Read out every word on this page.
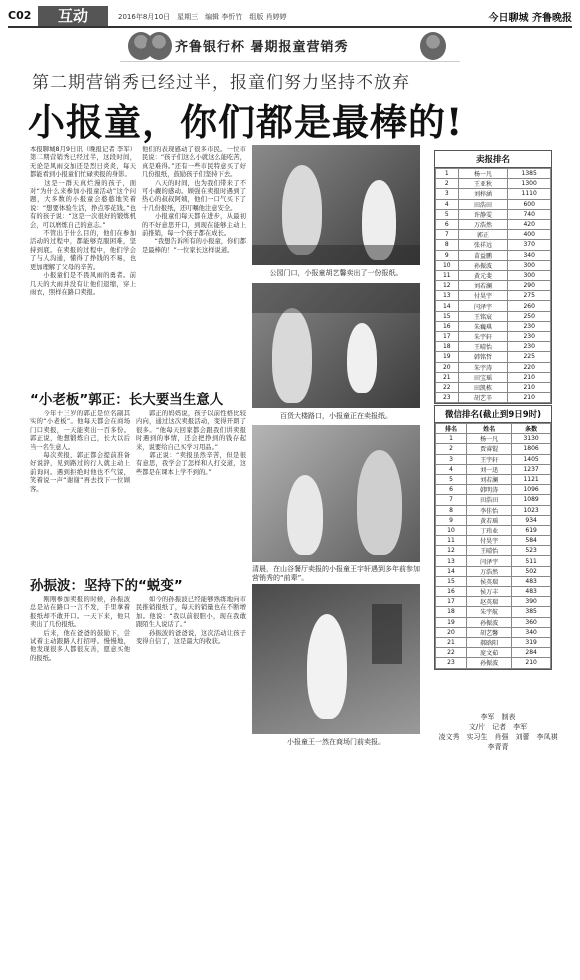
C02	互动	2016年8月10日　星期三　编辑 李忻竹　组版 肖婷婷	今日聊城 齐鲁晚报
齐鲁银行杯 暑期报童营销秀
第二期营销秀已经过半，报童们努力坚持不放弃
小报童，你们都是最棒的!
本报聊城8月9日讯（晚报记者 李军）第二期营销秀已经过半，这段时间，无论是风雨交加还是烈日炎炎，每天都能看到小报童们忙碌卖报的身影。
　　这是一群天真烂漫的孩子，面对“为什么来参加小报童活动”这个问题，大多数的小报童会憨憨地笑着说：“想要体验生活，挣点零花钱。”也有的孩子说：“这是一次很好的锻炼机会，可以磨炼自己的意志。”
　　不管出于什么目的，他们在参加活动的过程中，都能够克服困难，坚持到底。在卖报的过程中，他们学会了与人沟通，懂得了挣钱的不易，也更加理解了父母的辛苦。
　　小报童们是不畏风雨的勇者。前几天的大雨并没有让他们退缩，穿上雨衣，照样在路口卖报。
他们的表现感动了很多市民。一位市民说：“孩子们这么小就这么能吃苦，真是难得。”还有一些市民特意买了好几份报纸，鼓励孩子们坚持下去。
　　八天的时间，也为我们带来了不可小觑的感动。顾强在卖报时遇到了热心的叔叔阿姨，他们一口气买下了十几份报纸，还叮嘱他注意安全。
　　小报童们每天都在进步，从最初的不好意思开口，到现在能够主动上前推销，每一个孩子都在成长。
　　“我想告诉所有的小报童，你们都是最棒的！”一位家长这样说道。
“小老板”郭正：长大要当生意人
　　今年十三岁的郭正是位名副其实的“小老板”。他每天都会在商场门口卖报，一天能卖出一百多份。郭正说，他想锻炼自己，长大以后当一名生意人。
　　每次卖报，郭正都会提前准备好说辞，见到路过的行人就主动上前询问。遇到拒绝时他也不气馁，笑着说一声“谢谢”再去找下一位顾客。
　　郭正的妈妈说，孩子以前性格比较内向，通过这次卖报活动，变得开朗了很多。“他每天回家都会跟我们讲卖报时遇到的事情，还会把挣到的钱存起来，说要给自己买学习用品。”
　　郭正说：“卖报虽然辛苦，但是很有意思，我学会了怎样和人打交道，这些都是在课本上学不到的。”
孙振波：坚持下的“蜕变”
　　刚刚参加卖报的时候，孙振波总是站在路口一言不发，手里拿着报纸却不敢开口。一天下来，他只卖出了几份报纸。
　　后来，他在爸爸的鼓励下，尝试着主动跟路人打招呼。慢慢地，他发现很多人都很友善，愿意买他的报纸。
　　如今的孙振波已经能够熟练地向市民推销报纸了，每天的销量也在不断增加。他说：“我以前很胆小，现在我敢跟陌生人说话了。”
　　孙振波的爸爸说，这次活动让孩子变得自信了，这是最大的收获。
公园门口，小报童胡艺馨卖出了一份报纸。
百货大楼路口，小报童正在卖报纸。
清晨，在山谷餐厅卖报的小报童王宇轩遇到多年前参加营销秀的“前辈”。
小报童王一然在商场门前卖报。
卖报排名
1	杨一凡	1385
2	王亚秋	1300
3	刘梓涵	1110
4	田浩田	600
5	许静雯	740
6	万浩然	420
7	郭正	400
8	张祥远	370
9	苗益鹏	340
10	孙振波	300
11	黄元斐	300
12	刘若澜	290
13	付昊宇	275
14	闫泽宇	260
15	王铭宸	250
16	朱巍琪	230
17	朱宇轩	230
18	王晴怡	230
19	韩铭哲	225
20	朱宇涛	220
21	田宝瑶	210
22	田凯栋	210
23	胡艺辛	210
微信排名(截止到9日9时)
排名	姓名	条数
1	杨一凡	3130
2	贾睿锟	1806
3	王宇轩	1405
4	刘一迅	1237
5	刘若澜	1121
6	韩明涛	1096
7	田浩田	1089
8	李佳怡	1023
9	黄若瑶	934
10	丁玮业	619
11	付昊宇	584
12	王晴怡	523
13	闫泽宇	511
14	万浩然	502
15	侯英瑞	483
16	侯万丰	483
17	赵英瑞	390
18	朱宇航	385
19	孙振波	360
20	胡艺馨	340
21	郝晗阳	319
22	庞文茹	284
23	孙振波	210
李军　制表
文/片　记者　李军
凌文秀　实习生　肖强　刘蕾　李凤祺　李青青
